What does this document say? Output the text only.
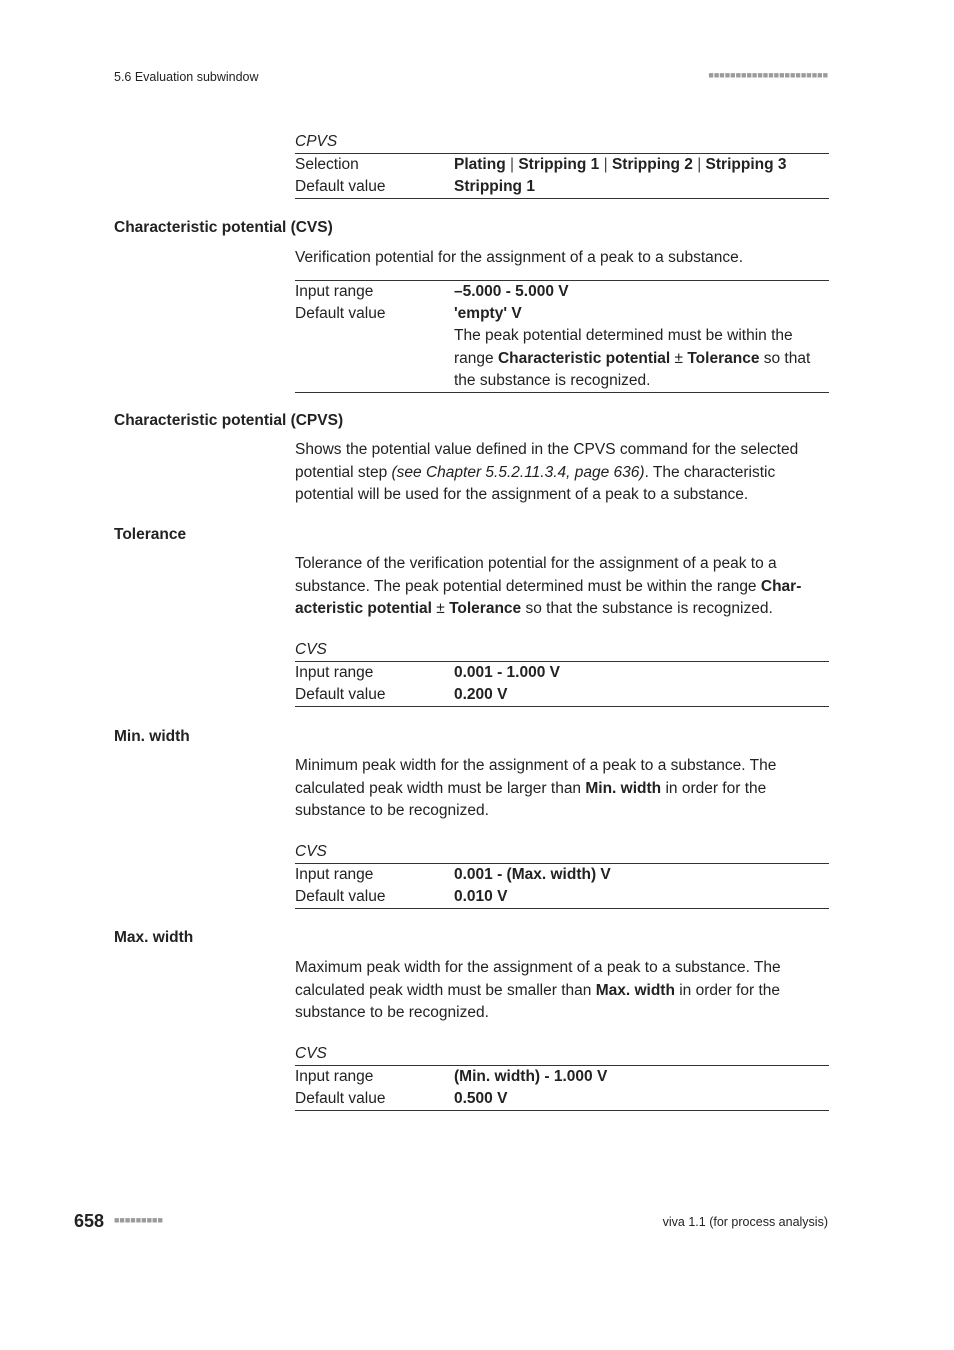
5.6 Evaluation subwindow	■■■■■■■■■■■■■■■■■■■■■■
CPVS
Selection	Plating | Stripping 1 | Stripping 2 | Stripping 3
Default value	Stripping 1
Characteristic potential (CVS)
Verification potential for the assignment of a peak to a substance.
Input range	–5.000 - 5.000 V
Default value	'empty' V
The peak potential determined must be within the range Characteristic potential ± Tolerance so that the substance is recognized.
Characteristic potential (CPVS)
Shows the potential value defined in the CPVS command for the selected potential step (see Chapter 5.5.2.11.3.4, page 636). The characteristic potential will be used for the assignment of a peak to a substance.
Tolerance
Tolerance of the verification potential for the assignment of a peak to a substance. The peak potential determined must be within the range Characteristic potential ± Tolerance so that the substance is recognized.
CVS
Input range	0.001 - 1.000 V
Default value	0.200 V
Min. width
Minimum peak width for the assignment of a peak to a substance. The calculated peak width must be larger than Min. width in order for the substance to be recognized.
CVS
Input range	0.001 - (Max. width) V
Default value	0.010 V
Max. width
Maximum peak width for the assignment of a peak to a substance. The calculated peak width must be smaller than Max. width in order for the substance to be recognized.
CVS
Input range	(Min. width) - 1.000 V
Default value	0.500 V
658 ■■■■■■■■■	viva 1.1 (for process analysis)
